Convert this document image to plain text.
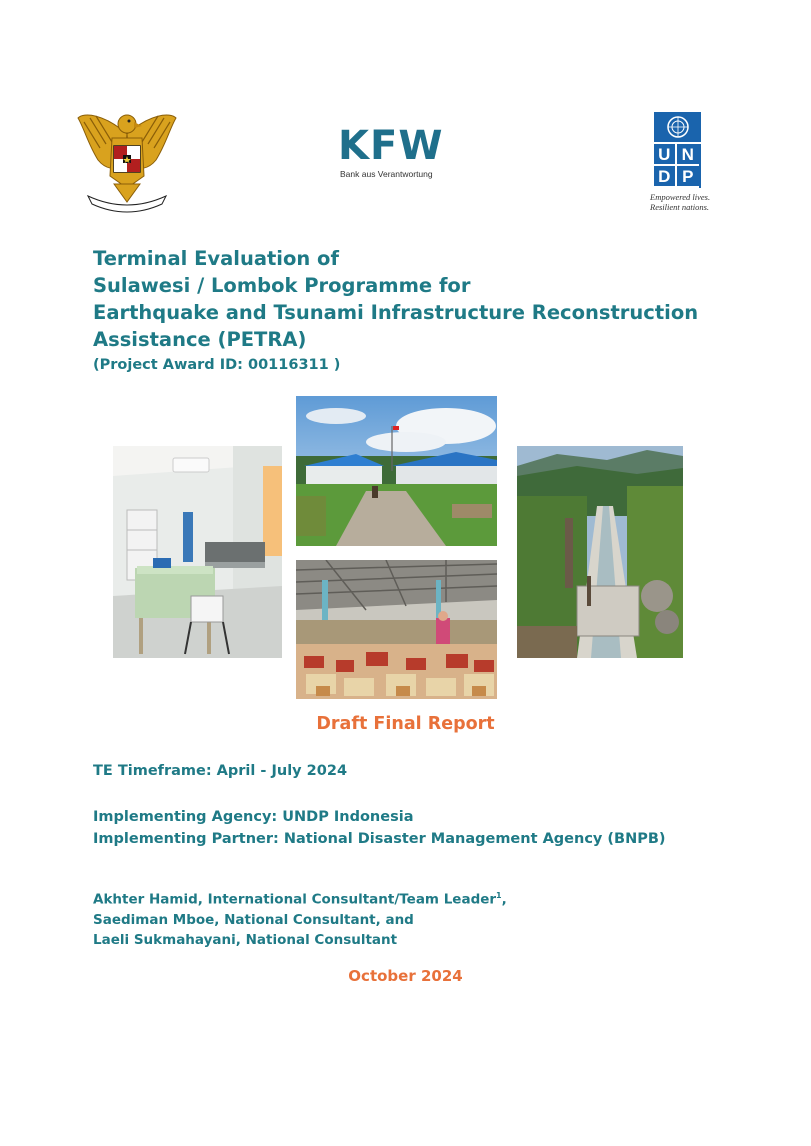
KFW
Bank aus Verantwortung
U N
D P
Empowered lives.
Resilient nations.
Terminal Evaluation of
Sulawesi / Lombok Programme for
Earthquake and Tsunami Infrastructure Reconstruction
Assistance (PETRA)
(Project Award ID: 00116311 )
Draft Final Report
TE Timeframe: April - July 2024
Implementing Agency: UNDP Indonesia
Implementing Partner: National Disaster Management Agency (BNPB)
Akhter Hamid, International Consultant/Team Leader$^1$,
Saediman Mboe, National Consultant, and
Laeli Sukmahayani, National Consultant
October 2024
